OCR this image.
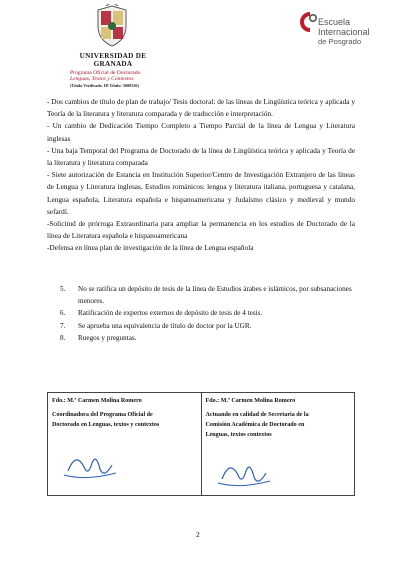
UNIVERSIDAD DE GRANADA
Programa Oficial de Doctorado
Lenguas, Textos y Contextos
(Título Verificado. ID Título: 5600326)
Escuela
Internacional
de Posgrado

- Dos cambios de título de plan de trabajo/ Tesis doctoral: de las líneas de Lingüística teórica y aplicada y Teoría de la literatura y literatura comparada y de traducción e interpretación.

- Un cambio de Dedicación Tiempo Completo a Tiempo Parcial de la línea de Lengua y Literatura inglesas

- Una baja Temporal del Programa de Doctorado de la línea de Lingüística teórica y aplicada y Teoría de la literatura y literatura comparada

- Siete autorización de Estancia en Institución Superior/Centro de Investigación Extranjero de las líneas de Lengua y Literatura inglesas, Estudios románicos: lengua y literatura italiana, portuguesa y catalana, Lengua española, Literatura española e hispanoamericana y Judaísmo clásico y medieval y mundo sefardí.

-Solicitud de prórroga Extraordinaria para ampliar la permanencia en los estudios de Doctorado de la línea de Literatura española e hispanoamericana

-Defensa en línea plan de investigación de la línea de Lengua española

5.	No se ratifica un depósito de tesis de la línea de Estudios árabes e islámicos, por subsanaciones menores.
6.	Ratificación de expertos externos de depósito de tesis de 4 tesis.
7.	Se aprueba una equivalencia de título de doctor por la UGR.
8.	Ruegos y preguntas.
Fdo.: M.ª Carmen Molina Romero
Coordinadora del Programa Oficial de
Doctorado en Lenguas, textos y contextos
Fdo.: M.ª Carmen Molina Romero
Actuando en calidad de Secretaria de la
Comisión Académica de Doctorado en
Lenguas, textos contextos
2
